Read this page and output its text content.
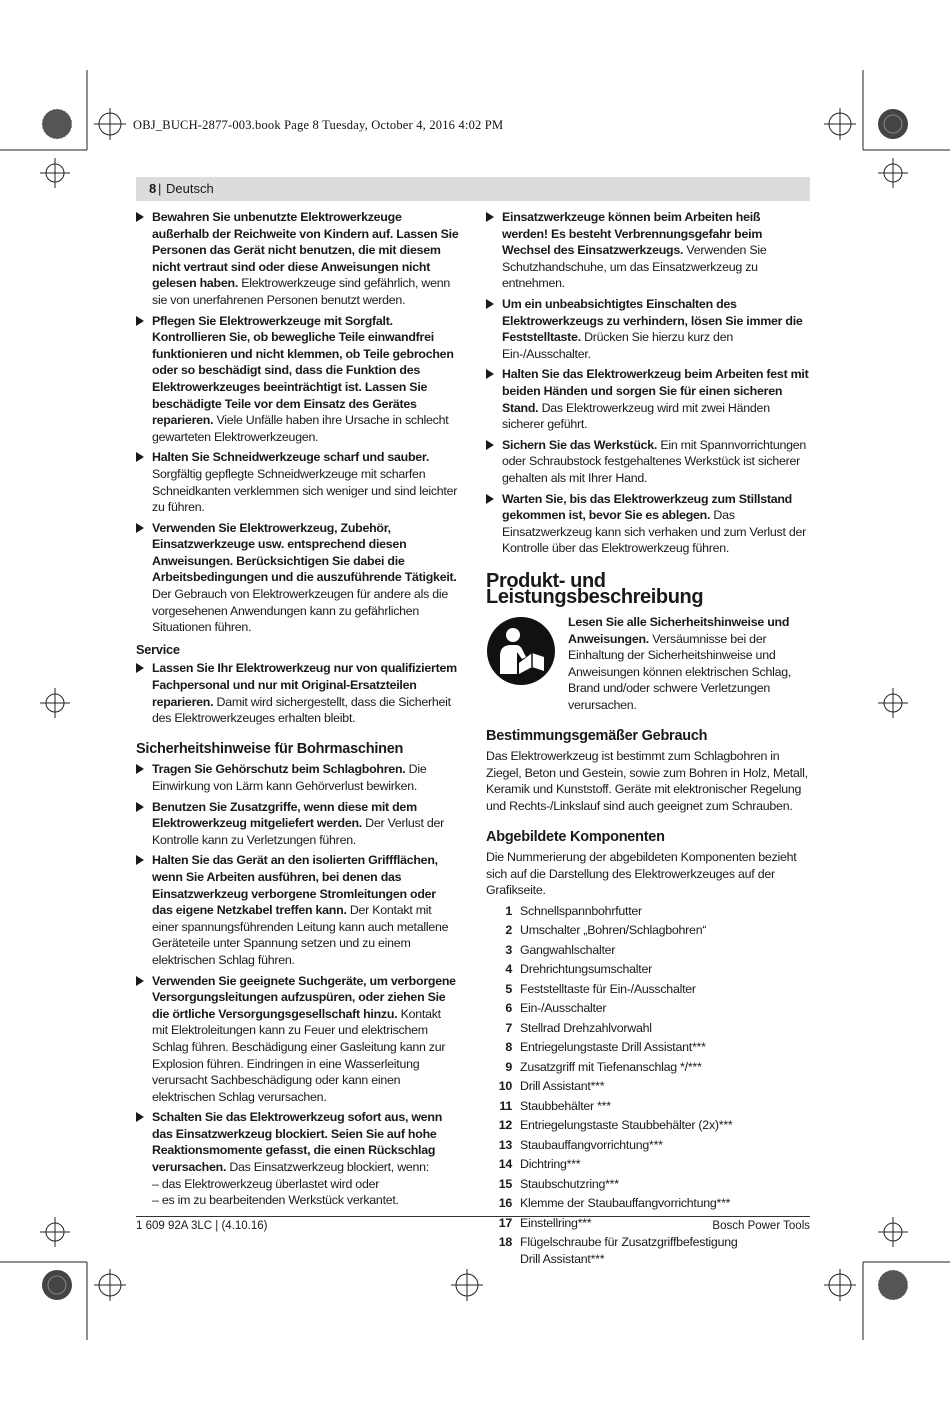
OBJ_BUCH-2877-003.book Page 8 Tuesday, October 4, 2016 4:02 PM
8 | Deutsch
Bewahren Sie unbenutzte Elektrowerkzeuge außerhalb der Reichweite von Kindern auf. Lassen Sie Personen das Gerät nicht benutzen, die mit diesem nicht vertraut sind oder diese Anweisungen nicht gelesen haben. Elektrowerkzeuge sind gefährlich, wenn sie von unerfahrenen Personen benutzt werden.
Pflegen Sie Elektrowerkzeuge mit Sorgfalt. Kontrollieren Sie, ob bewegliche Teile einwandfrei funktionieren und nicht klemmen, ob Teile gebrochen oder so beschädigt sind, dass die Funktion des Elektrowerkzeuges beeinträchtigt ist. Lassen Sie beschädigte Teile vor dem Einsatz des Gerätes reparieren. Viele Unfälle haben ihre Ursache in schlecht gewarteten Elektrowerkzeugen.
Halten Sie Schneidwerkzeuge scharf und sauber. Sorgfältig gepflegte Schneidwerkzeuge mit scharfen Schneidkanten verklemmen sich weniger und sind leichter zu führen.
Verwenden Sie Elektrowerkzeug, Zubehör, Einsatzwerkzeuge usw. entsprechend diesen Anweisungen. Berücksichtigen Sie dabei die Arbeitsbedingungen und die auszuführende Tätigkeit. Der Gebrauch von Elektrowerkzeugen für andere als die vorgesehenen Anwendungen kann zu gefährlichen Situationen führen.
Service
Lassen Sie Ihr Elektrowerkzeug nur von qualifiziertem Fachpersonal und nur mit Original-Ersatzteilen reparieren. Damit wird sichergestellt, dass die Sicherheit des Elektrowerkzeuges erhalten bleibt.
Sicherheitshinweise für Bohrmaschinen
Tragen Sie Gehörschutz beim Schlagbohren. Die Einwirkung von Lärm kann Gehörverlust bewirken.
Benutzen Sie Zusatzgriffe, wenn diese mit dem Elektrowerkzeug mitgeliefert werden. Der Verlust der Kontrolle kann zu Verletzungen führen.
Halten Sie das Gerät an den isolierten Griffflächen, wenn Sie Arbeiten ausführen, bei denen das Einsatzwerkzeug verborgene Stromleitungen oder das eigene Netzkabel treffen kann. Der Kontakt mit einer spannungsführenden Leitung kann auch metallene Geräteteile unter Spannung setzen und zu einem elektrischen Schlag führen.
Verwenden Sie geeignete Suchgeräte, um verborgene Versorgungsleitungen aufzuspüren, oder ziehen Sie die örtliche Versorgungsgesellschaft hinzu. Kontakt mit Elektroleitungen kann zu Feuer und elektrischem Schlag führen. Beschädigung einer Gasleitung kann zur Explosion führen. Eindringen in eine Wasserleitung verursacht Sachbeschädigung oder kann einen elektrischen Schlag verursachen.
Schalten Sie das Elektrowerkzeug sofort aus, wenn das Einsatzwerkzeug blockiert. Seien Sie auf hohe Reaktionsmomente gefasst, die einen Rückschlag verursachen. Das Einsatzwerkzeug blockiert, wenn:
– das Elektrowerkzeug überlastet wird oder
– es im zu bearbeitenden Werkstück verkantet.
Einsatzwerkzeuge können beim Arbeiten heiß werden! Es besteht Verbrennungsgefahr beim Wechsel des Einsatzwerkzeugs. Verwenden Sie Schutzhandschuhe, um das Einsatzwerkzeug zu entnehmen.
Um ein unbeabsichtigtes Einschalten des Elektrowerkzeugs zu verhindern, lösen Sie immer die Feststelltaste. Drücken Sie hierzu kurz den Ein-/Ausschalter.
Halten Sie das Elektrowerkzeug beim Arbeiten fest mit beiden Händen und sorgen Sie für einen sicheren Stand. Das Elektrowerkzeug wird mit zwei Händen sicherer geführt.
Sichern Sie das Werkstück. Ein mit Spannvorrichtungen oder Schraubstock festgehaltenes Werkstück ist sicherer gehalten als mit Ihrer Hand.
Warten Sie, bis das Elektrowerkzeug zum Stillstand gekommen ist, bevor Sie es ablegen. Das Einsatzwerkzeug kann sich verhaken und zum Verlust der Kontrolle über das Elektrowerkzeug führen.
Produkt- und Leistungsbeschreibung
Lesen Sie alle Sicherheitshinweise und Anweisungen. Versäumnisse bei der Einhaltung der Sicherheitshinweise und Anweisungen können elektrischen Schlag, Brand und/oder schwere Verletzungen verursachen.
Bestimmungsgemäßer Gebrauch
Das Elektrowerkzeug ist bestimmt zum Schlagbohren in Ziegel, Beton und Gestein, sowie zum Bohren in Holz, Metall, Keramik und Kunststoff. Geräte mit elektronischer Regelung und Rechts-/Linkslauf sind auch geeignet zum Schrauben.
Abgebildete Komponenten
Die Nummerierung der abgebildeten Komponenten bezieht sich auf die Darstellung des Elektrowerkzeuges auf der Grafikseite.
1 Schnellspannbohrfutter
2 Umschalter „Bohren/Schlagbohren“
3 Gangwahlschalter
4 Drehrichtungsumschalter
5 Feststelltaste für Ein-/Ausschalter
6 Ein-/Ausschalter
7 Stellrad Drehzahlvorwahl
8 Entriegelungstaste Drill Assistant***
9 Zusatzgriff mit Tiefenanschlag */***
10 Drill Assistant***
11 Staubbehälter ***
12 Entriegelungstaste Staubbehälter (2x)***
13 Staubauffangvorrichtung***
14 Dichtring***
15 Staubschutzring***
16 Klemme der Staubauffangvorrichtung***
17 Einstellring***
18 Flügelschraube für Zusatzgriffbefestigung Drill Assistant***
1 609 92A 3LC | (4.10.16)	Bosch Power Tools
